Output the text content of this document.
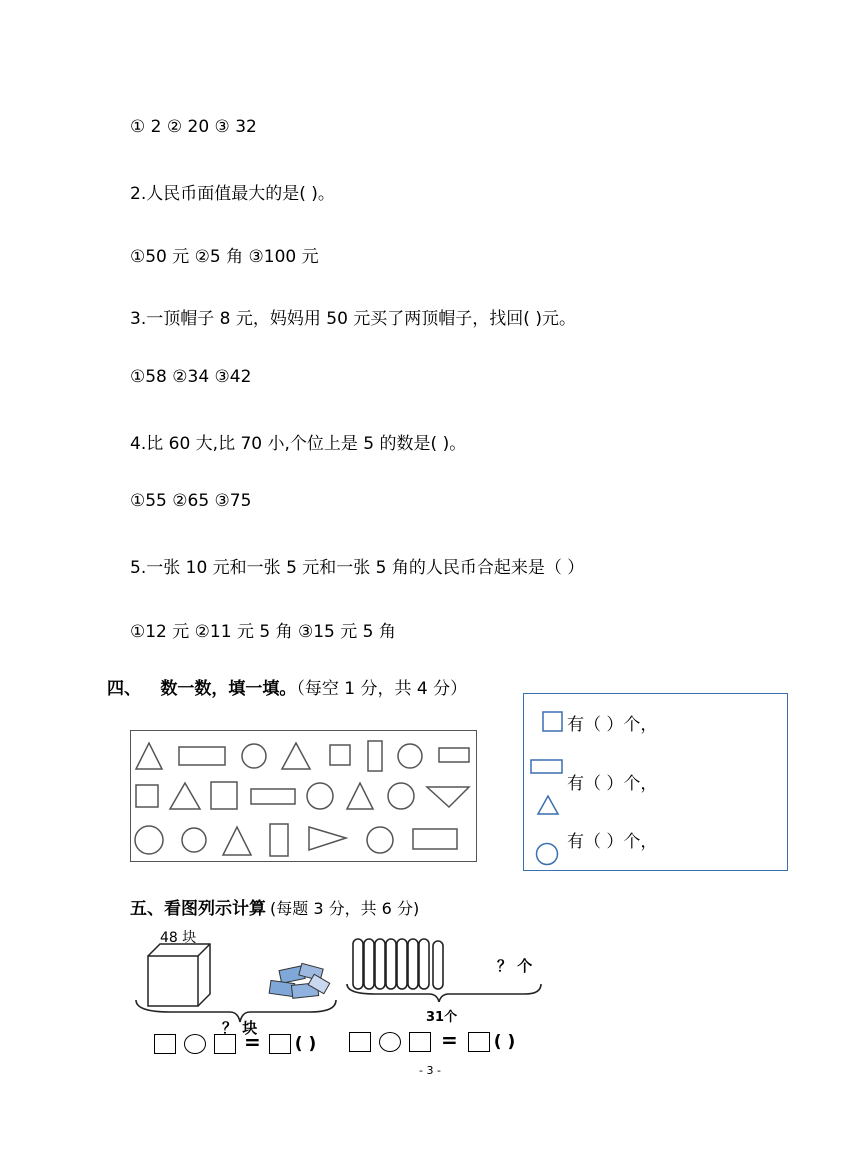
① 2 ② 20 ③ 32
2.人民币面值最大的是( )。
①50 元 ②5 角 ③100 元
3.一顶帽子 8 元，妈妈用 50 元买了两顶帽子，找回( )元。
①58 ②34 ③42
4.比 60 大,比 70 小,个位上是 5 的数是( )。
①55 ②65 ③75
5.一张 10 元和一张 5 元和一张 5 角的人民币合起来是（ ）
①12 元 ②11 元 5 角 ③15 元 5 角
四、 数一数，填一填。（每空 1 分，共 4 分）
有（ ）个，
有（ ）个，
有（ ）个，
五、看图列示计算 (每题 3 分，共 6 分)
48 块
？ 块
？ 个
31个
= ( )	= ( )
- 3 -
